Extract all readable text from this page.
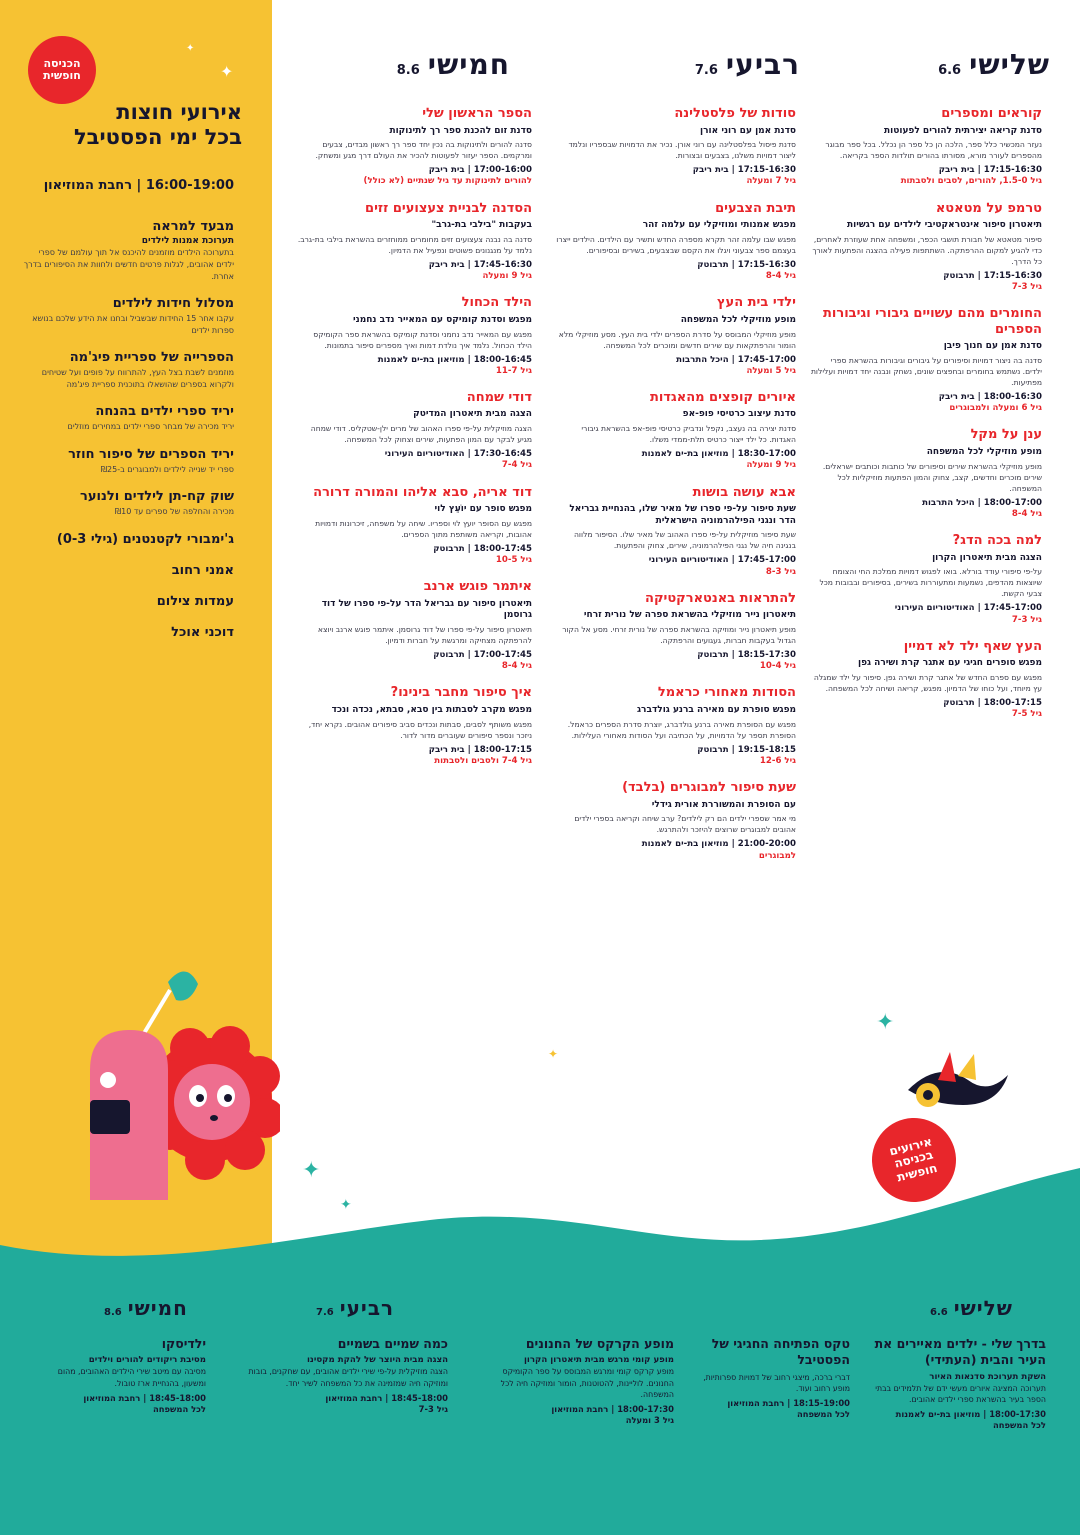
הכניסה חופשית
אירועים בכניסה חופשית
שלישי
6.6
רביעי
7.6
חמישי
8.6
קוראים ומספרים
סדנת קריאה יצירתית להורים לפעוטות
נעזר המכשיר כלל ספר, הלכה הן כל ספר הן נכלל. בכל ספר מבוגר מהספרים לעורר מורא, מסורתו בהורים תולדות הספר בקריאה.
17:15-16:30 | בית ריבק
גיל 1.5-0, להורים, לסבים ולסבתות
טרמפ על מטאטא
תיאטרון סיפור אינטראקטיבי לילדים עם רגשיות
סיפור מטאטא של חבורת תושבי הכפר, ומשפחה אחת שעוזרת לאחרים, כדי להגיע למקום ההרפתקה. השתתפות פעילה בהצגה והפתעות לאורך כל הדרך.
17:15-16:30 | תרבוטק
גיל 7-3
החומרים מהם עשויים גיבורי וגיבורות הספרים
סדנת אמן עם חנוך פיבן
סדנה בה ניצור דמויות וסיפורים על גיבורים וגיבורות בהשראת ספרי ילדים. נשתמש בחומרים ובחפצים שונים, נשחק ונבנה יחד דמויות ועלילות מפתיעות.
18:00-16:30 | בית ריבק
גיל 6 ומעלה ולמבוגרים
ענן על מקל
מופע מוזיקלי לכל המשפחה
מופע מוזיקלי בהשראת שירים וסיפורים של כותבות וכותבים ישראלים. שירים מוכרים וחדשים, קצב, צחוק והמון הפתעות מוזיקליות לכל המשפחה.
18:00-17:00 | היכל התרבות
גיל 8-4
למה בכה הדג?
הצגה מבית תיאטרון הקרון
על-פי סיפורי עודד בורלא. בואו לפגוש דמויות ממלכת החי והצומח שיוצאות מהדפים, נשמעות ומתעוררות בשירים, בסיפורים ובבובות מכל צבעי הקשת.
17:45-17:00 | האודיטוריום העירוני
גיל 7-3
העץ שאף ילד לא דמיין
מפגש סופרים חגיגי עם אתגר קרת ושירה גפן
מפגש עם ספרם החדש של אתגר קרת ושירה גפן. סיפור על ילד שמגלה עץ מיוחד, ועל כוחו של הדמיון. מפגש, קריאה ושיחה לכל המשפחה.
18:00-17:15 | תרבוטק
גיל 7-5
סודות של פלסטלינה
סדנת אמן עם רוני אורן
סדנת פיסול בפלסטלינה עם רוני אורן. נכיר את הדמויות שבספריו ונלמד ליצור דמויות משלנו, בצבעים ובצורות.
17:15-16:30 | בית ריבק
גיל 7 ומעלה
תיבת הצבעים
מפגש אמנותי ומוזיקלי עם עלמה זהר
מפגש שבו עלמה זהר תקרא מספרה החדש ותשיר עם הילדים. הילדים ייצרו בעצמם ספר צבעוני ויגלו את הקסם שבצבעים, בשירים ובסיפורים.
17:15-16:30 | תרבוטק
גיל 8-4
ילדי בית העץ
מופע מוזיקלי לכל המשפחה
מופע מוזיקלי המבוסס על סדרת הספרים ילדי בית העץ. מסע מוזיקלי מלא הומור והרפתקאות עם שירים חדשים ומוכרים לכל המשפחה.
17:45-17:00 | היכל התרבות
גיל 5 ומעלה
איורים קופצים מהאגדות
סדנת עיצוב כרטיסי פופ-אפ
סדנת יצירה בה נעצב, נקפל ונדביק כרטיסי פופ-אפ בהשראת גיבורי האגדות. כל ילד ייצור כרטיס תלת-ממדי משלו.
18:30-17:00 | מוזיאון בת-ים לאמנות
גיל 9 ומעלה
אבא עושה בושות
שעת סיפור על-פי ספרו של מאיר שלו, בהנחיית גבריאל הדר ונגני הפילהרמוניה הישראלית
שעת סיפור מוזיקלית על-פי ספרו האהוב של מאיר שלו. הסיפור מלווה בנגינה חיה של נגני הפילהרמוניה, שירים, צחוק והפתעות.
17:45-17:00 | האודיטוריום העירוני
גיל 8-3
להתראות באנטארקטיקה
תיאטרון נייר מוזיקלי בהשראת ספרה של נורית זרחי
מופע תיאטרון נייר ומוזיקה בהשראת ספרה של נורית זרחי. מסע אל הקור הגדול בעקבות חברות, געגועים והרפתקה.
18:15-17:30 | תרבוטק
גיל 10-4
הסודות מאחורי כראמל
מפגש סופרת עם מאירה ברנע גולדברג
מפגש עם הסופרת מאירה ברנע גולדברג, יוצרת סדרת הספרים כראמל. הסופרת תספר על הדמויות, על הכתיבה ועל הסודות מאחורי העלילות.
19:15-18:15 | תרבוטק
גיל 12-6
שעת סיפור למבוגרים (בלבד)
עם הסופרת והמשוררת אורית גידלי
מי אמר שספרי ילדים הם רק לילדים? ערב שיחה וקריאה בספרי ילדים אהובים למבוגרים שרוצים להיזכר ולהתרגש.
21:00-20:00 | מוזיאון בת-ים לאמנות
למבוגרים
הספר הראשון שלי
סדנת זום להכנת ספר רך לתינוקות
סדנה להורים ולתינוקות בה נכין יחד ספר רך ראשון מבדים, צבעים ומרקמים. הספר יעזור לפעוטות להכיר את העולם דרך מגע ומשחק.
17:00-16:00 | בית ריבק
להורים לתינוקות עד גיל שנתיים (לא כולל)
הסדנה לבניית צעצועים זזים
בעקבות "בילבי בת-גרב"
סדנה בה נבנה צעצועים זזים מחומרים ממוחזרים בהשראת בילבי בת-גרב. נלמד על מנגנונים פשוטים ונפעיל את הדמיון.
17:45-16:30 | בית ריבק
גיל 9 ומעלה
הילד הכחול
מפגש וסדנת קומיקס עם המאייר נדב נחמני
מפגש עם המאייר נדב נחמני וסדנת קומיקס בהשראת ספר הקומיקס הילד הכחול. נלמד איך נולדת דמות ואיך מספרים סיפור בתמונות.
18:00-16:45 | מוזיאון בת-ים לאמנות
גיל 11-7
דודי שמחה
הצגה מבית תיאטרון המדיטק
הצגה מוזיקלית על-פי ספרו האהוב של מרים ילן-שטקליס. דודי שמחה מגיע לבקר עם המון הפתעות, שירים וצחוק לכל המשפחה.
17:30-16:45 | האודיטוריום העירוני
גיל 7-4
דוד אריה, סבא אליהו והמורה דרורה
מפגש סופר עם יוֹעֵץ לוי
מפגש עם הסופר יועץ לוי וספריו. שיחה על משפחה, זיכרונות ודמויות אהובות, וקריאה משותפת מתוך הספרים.
18:00-17:45 | תרבוטק
גיל 10-5
איתמר פוגש ארנב
תיאטרון סיפור עם גבריאל הדר על-פי ספרו של דוד גרוסמן
תיאטרון סיפור על-פי ספרו של דוד גרוסמן. איתמר פוגש ארנב ויוצא להרפתקה מצחיקה ומרגשת על חברות ודמיון.
17:00-17:45 | תרבוטק
גיל 8-4
איך סיפור מחבר בינינו?
מפגש מקרב לסבתות בין סבא, סבתא, נכדה ונכד
מפגש משותף לסבים, סבתות ונכדים סביב סיפורים אהובים. נקרא יחד, ניזכר ונספר סיפורים שעוברים מדור לדור.
18:00-17:15 | בית ריבק
גיל 7-4 ולסבים ולסבתות
אירועי חוצות
בכל ימי הפסטיבל
16:00-19:00 | רחבת המוזיאון
מבעד למראה
תערוכת אמנות לילדים
בתערוכה הילדים מוזמנים להיכנס אל תוך עולמם של ספרי ילדים אהובים, לגלות פרטים חדשים ולחוות את הסיפורים בדרך אחרת.
מסלול חידות לילדים
עקבו אחר 15 החידות שבשביל ובחנו את הידע שלכם בנושא ספרות ילדים
הספרייה של ספריית פיג'מה
מוזמנים לשבת בצל העץ, להתרווח על פופים ועל שטיחים ולקרוא בספרים שהושאלו בתוכנית ספריית פיג'מה
יריד ספרי ילדים בהנחה
יריד מכירה של מבחר ספרי ילדים במחירים מוזלים
יריד הספרים של סיפור חוזר
ספרי יד שנייה לילדים ולמבוגרים ב-₪25
שוק קח-תן לילדים ולנוער
מכירה והחלפה של ספרים עד ₪10
ג'ימבורי לקטנטנים (גילי 0-3)
אמני רחוב
עמדות צילום
דוכני אוכל
✦
✦
✦
✦
✦
✦
שלישי
6.6
רביעי
7.6
חמישי
8.6
בדרך שלי - ילדים מאיירים את העיר והבית (העתידי)
השקת תערוכת סדנאות האיור
תערוכה המציגה איורים מעשי ידם של תלמידים בבתי הספר בעיר בהשראת ספרי ילדים אהובים.
18:00-17:30 | מוזיאון בת-ים לאמנות
לכל המשפחה
טקס הפתיחה החגיגי של הפסטיבל
דברי ברכה, מיצגי רחוב של דמויות ספרותיות, מופע רחוב ועוד.
18:15-19:00 | רחבת המוזיאון
לכל המשפחה
מופע הקרקס של החנונים
מופע קומי מרגש מבית תיאטרון הקרון
מופע קרקס קומי ומרגש המבוסס על ספר הקומיקס החנונים. לוליינות, להטוטנות, הומור ומוזיקה חיה לכל המשפחה.
18:00-17:30 | רחבת המוזיאון
גיל 3 ומעלה
כמה שמיים בשמיים
הצגה מבית היוצר של להקת מקסינו
הצגה מוזיקלית על-פי שירי ילדים אהובים, עם שחקנים, בובות ומוזיקה חיה שמזמינה את כל המשפחה לשיר יחד.
18:45-18:00 | רחבת המוזיאון
גיל 7-3
ילדיסקו
מסיבת ריקודים להורים וילדים
מסיבה עם מיטב שירי הילדים האהובים, מהום ומשעון, בהנחיית ארז טובול.
18:45-18:00 | רחבת המוזיאון
לכל המשפחה
